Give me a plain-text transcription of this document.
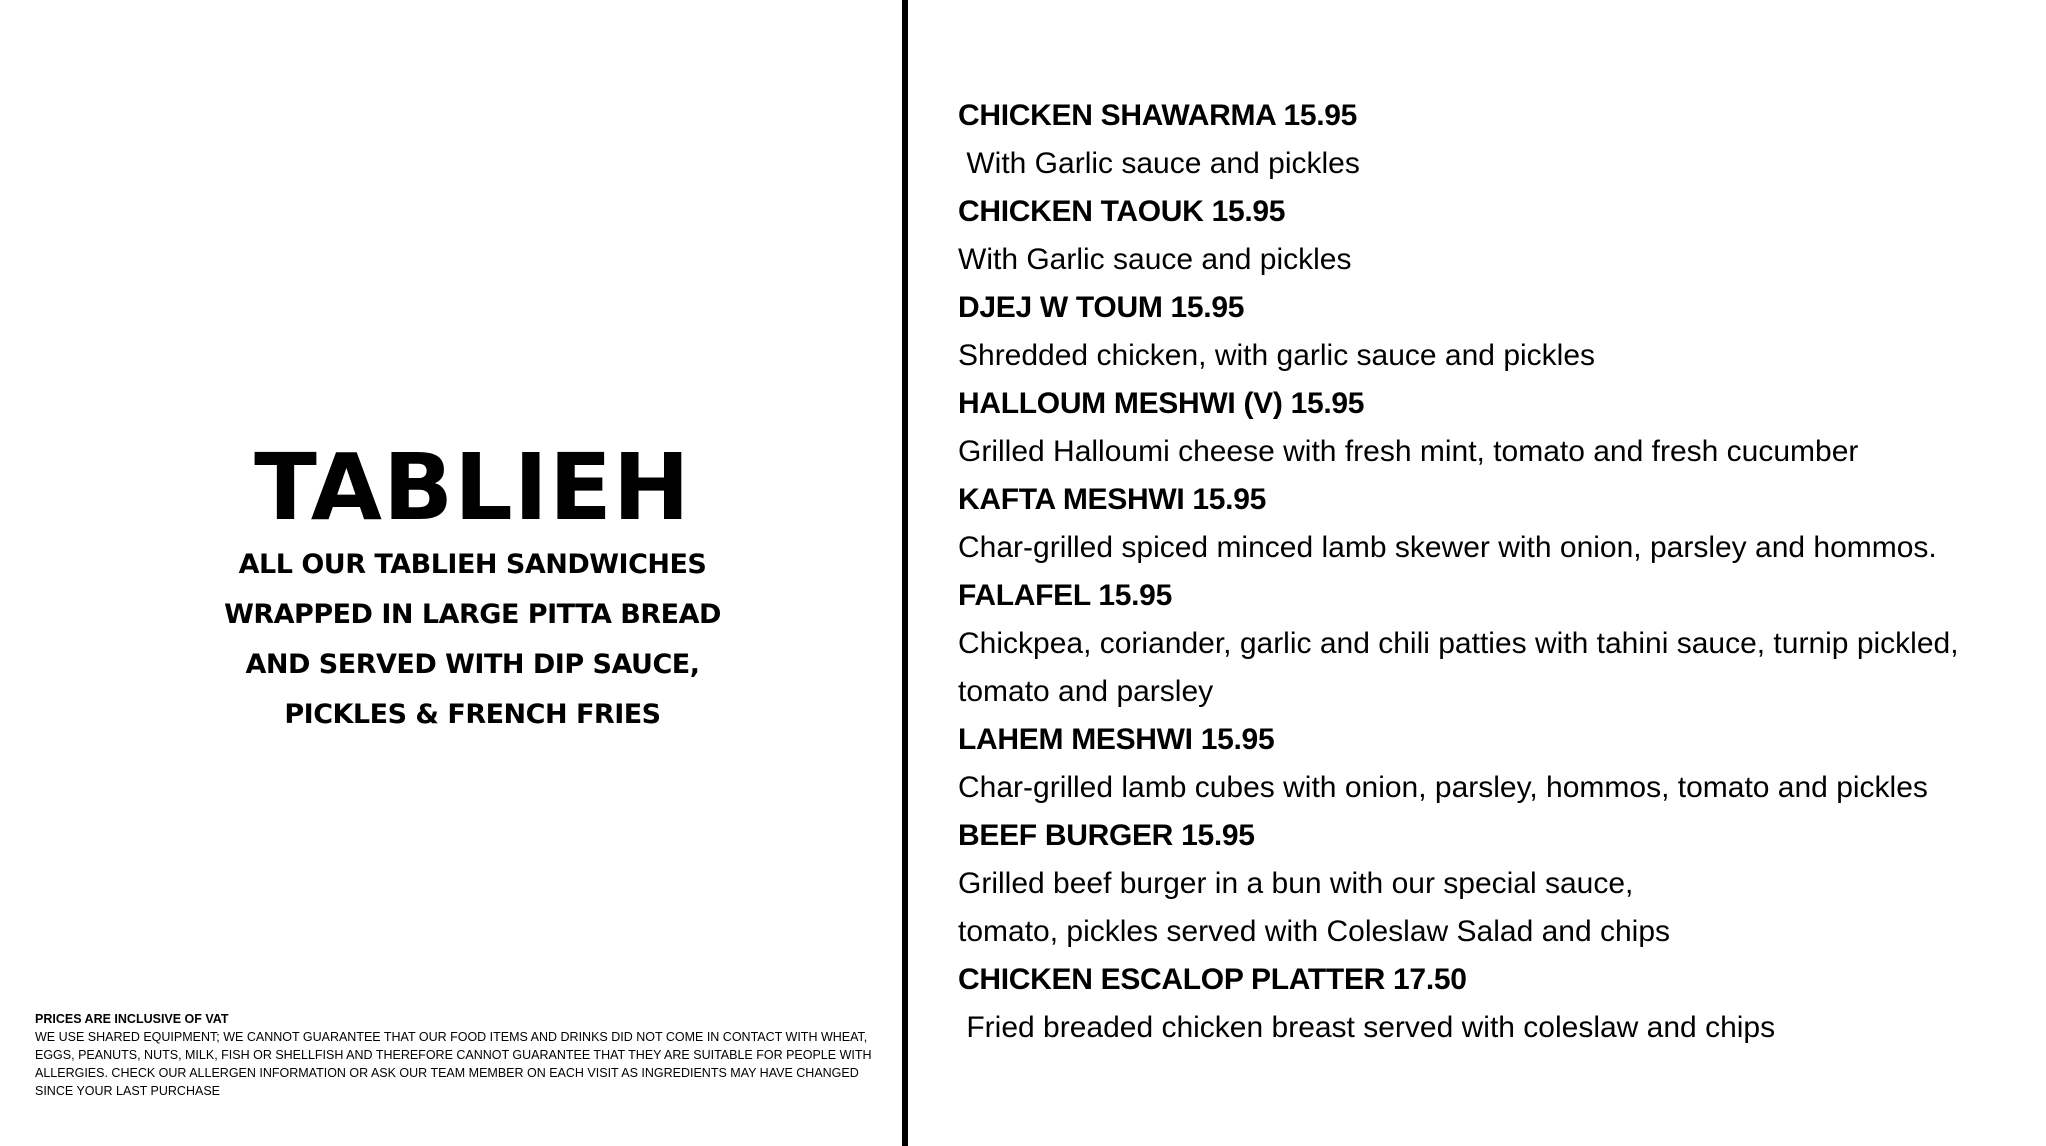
TABLIEH
ALL OUR TABLIEH SANDWICHES
WRAPPED IN LARGE PITTA BREAD
AND SERVED WITH DIP SAUCE,
PICKLES & FRENCH FRIES
PRICES ARE INCLUSIVE OF VAT
WE USE SHARED EQUIPMENT; WE CANNOT GUARANTEE THAT OUR FOOD ITEMS AND DRINKS DID NOT COME IN CONTACT WITH WHEAT, EGGS, PEANUTS, NUTS, MILK, FISH OR SHELLFISH AND THEREFORE CANNOT GUARANTEE THAT THEY ARE SUITABLE FOR PEOPLE WITH ALLERGIES. CHECK OUR ALLERGEN INFORMATION OR ASK OUR TEAM MEMBER ON EACH VISIT AS INGREDIENTS MAY HAVE CHANGED SINCE YOUR LAST PURCHASE
CHICKEN SHAWARMA 15.95
With Garlic sauce and pickles
CHICKEN TAOUK 15.95
With Garlic sauce and pickles
DJEJ W TOUM 15.95
Shredded chicken, with garlic sauce and pickles
HALLOUM MESHWI (V) 15.95
Grilled Halloumi cheese with fresh mint, tomato and fresh cucumber
KAFTA MESHWI 15.95
Char-grilled spiced minced lamb skewer with onion, parsley and hommos.
FALAFEL 15.95
Chickpea, coriander, garlic and chili patties with tahini sauce, turnip pickled,
tomato and parsley
LAHEM MESHWI 15.95
Char-grilled lamb cubes with onion, parsley, hommos, tomato and pickles
BEEF BURGER 15.95
Grilled beef burger in a bun with our special sauce,
tomato, pickles served with Coleslaw Salad and chips
CHICKEN ESCALOP PLATTER 17.50
Fried breaded chicken breast served with coleslaw and chips
